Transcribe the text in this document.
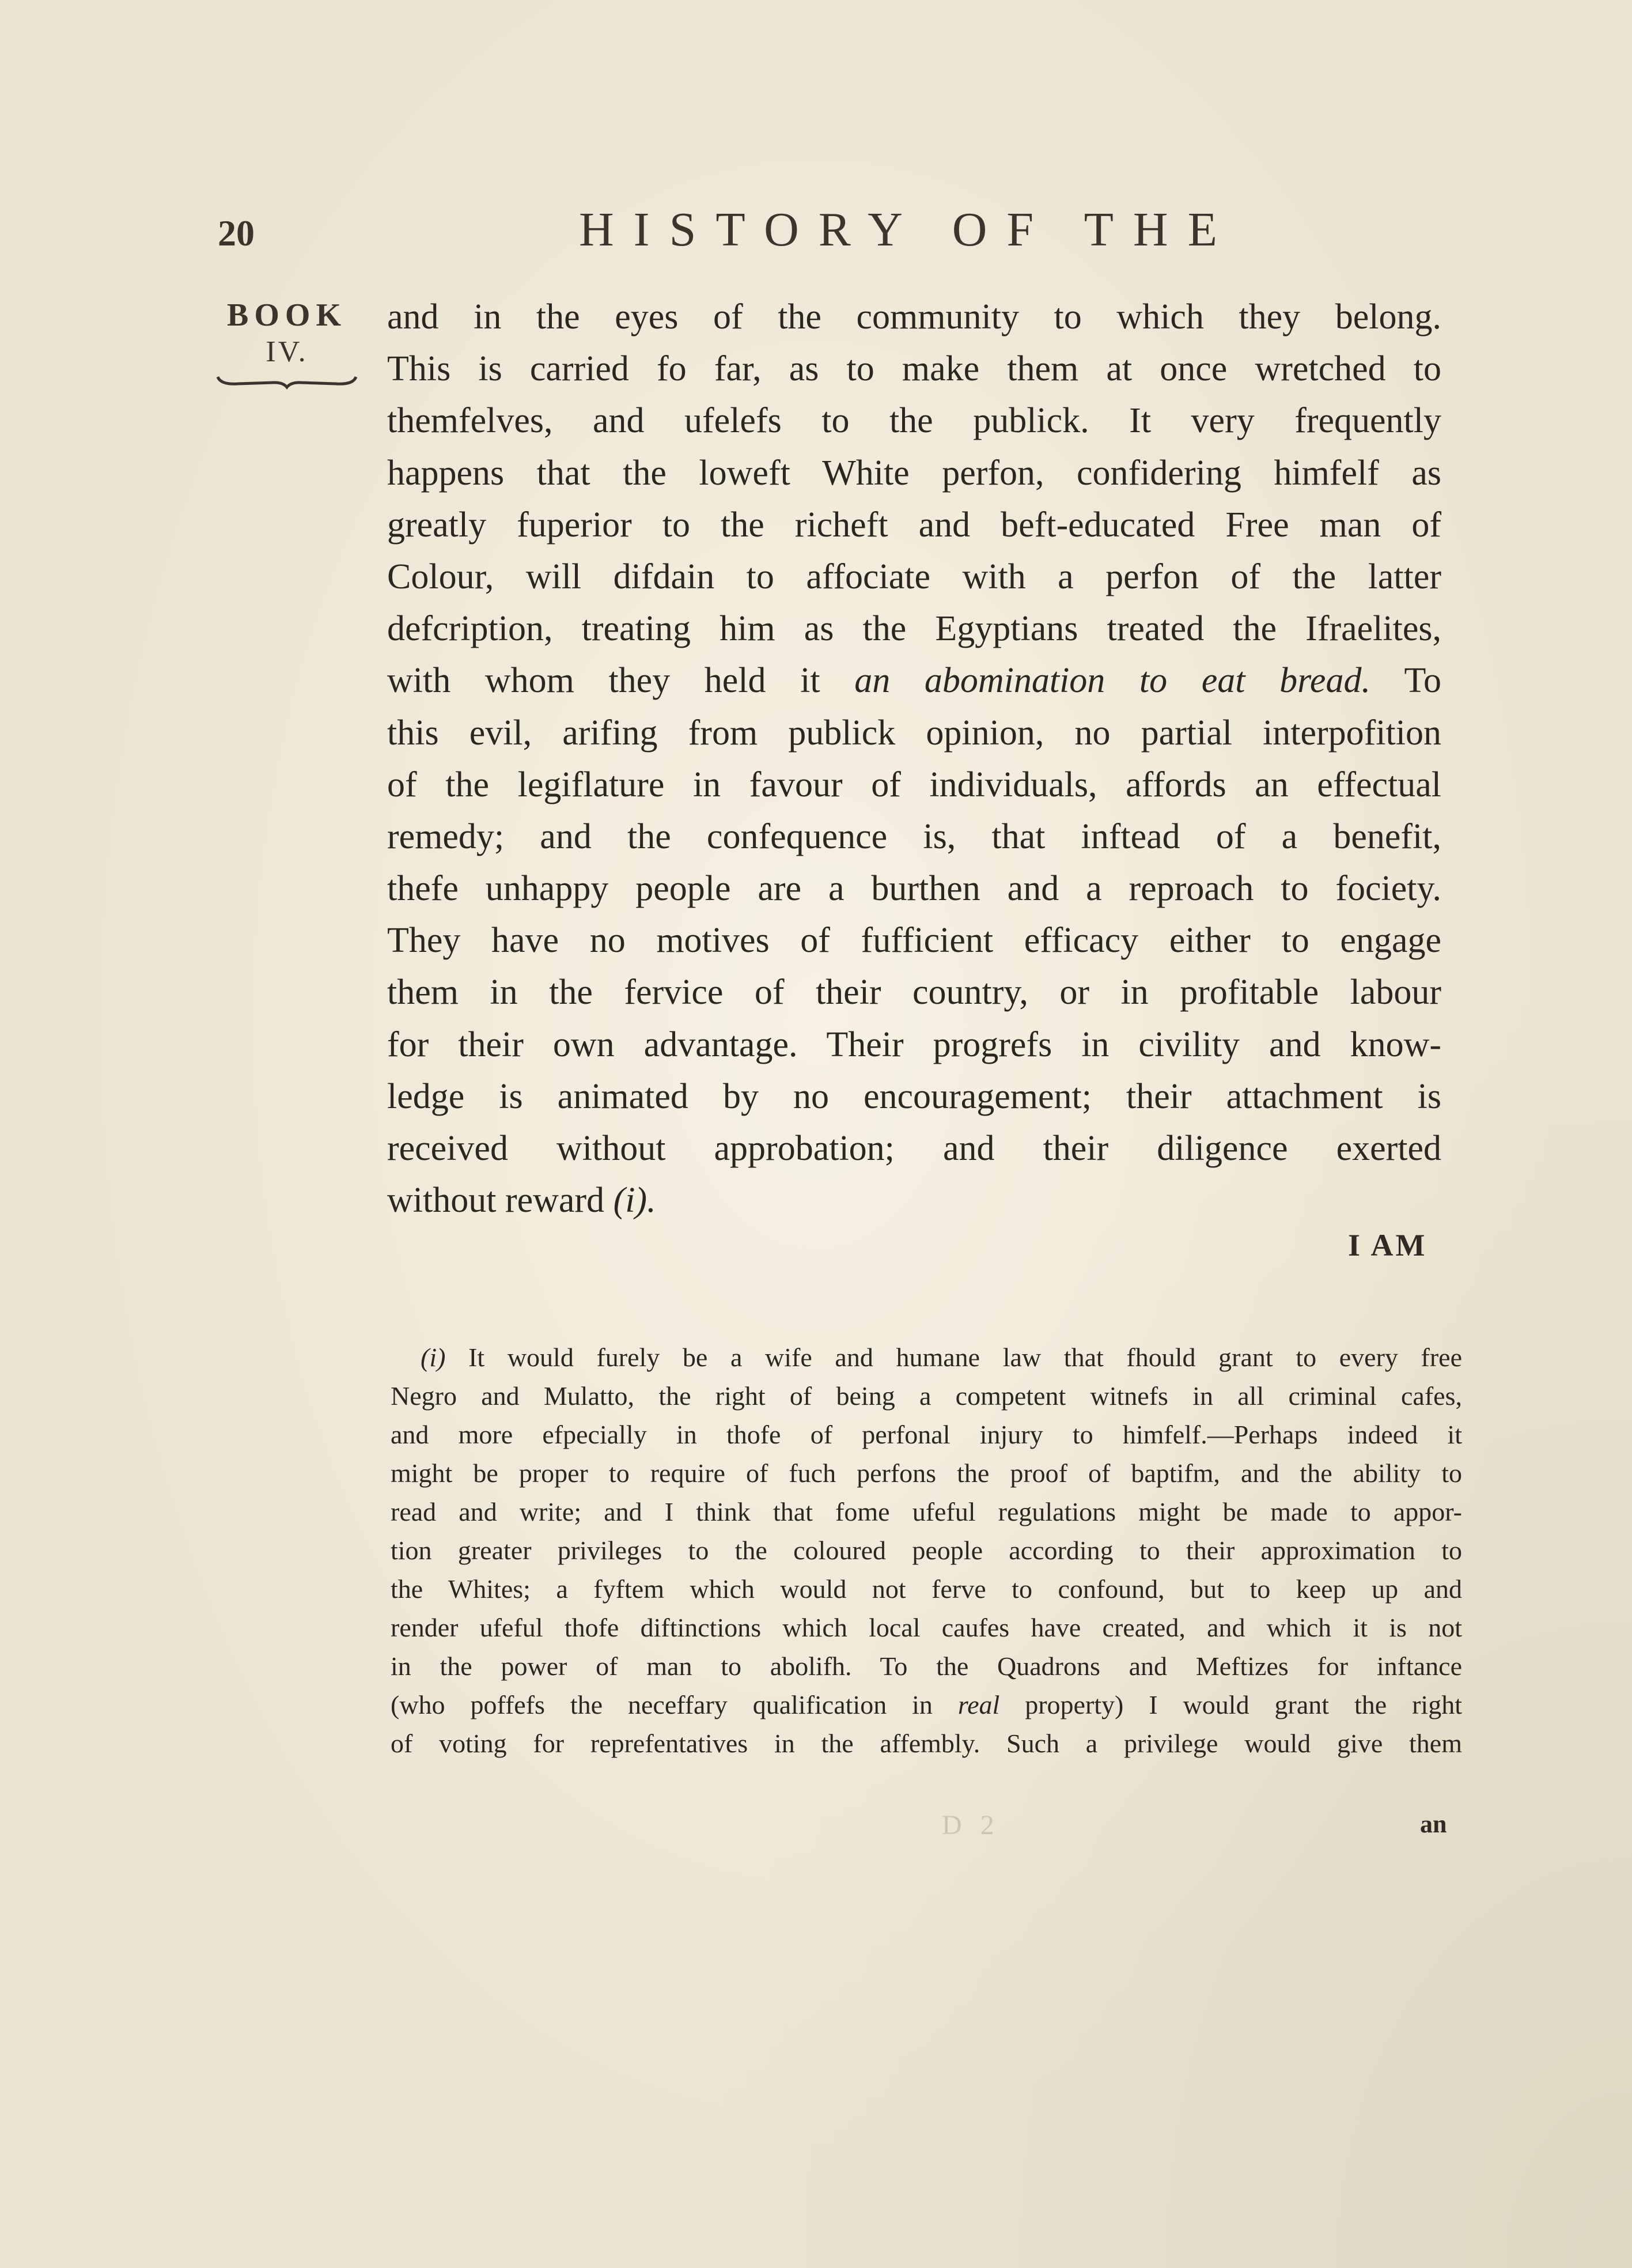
20	HISTORY OF THE
BOOK
IV.
and in the eyes of the community to which they belong.
This is carried fo far, as to make them at once wretched to
themfelves, and ufelefs to the publick. It very frequently
happens that the loweft White perfon, confidering himfelf as
greatly fuperior to the richeft and beft-educated Free man of
Colour, will difdain to affociate with a perfon of the latter
defcription, treating him as the Egyptians treated the Ifraelites,
with whom they held it an abomination to eat bread. To
this evil, arifing from publick opinion, no partial interpofition
of the legiflature in favour of individuals, affords an effectual
remedy; and the confequence is, that inftead of a benefit,
thefe unhappy people are a burthen and a reproach to fociety.
They have no motives of fufficient efficacy either to engage
them in the fervice of their country, or in profitable labour
for their own advantage. Their progrefs in civility and know-
ledge is animated by no encouragement; their attachment is
received without approbation; and their diligence exerted
without reward (i).
I AM
(i) It would furely be a wife and humane law that fhould grant to every free
Negro and Mulatto, the right of being a competent witnefs in all criminal cafes,
and more efpecially in thofe of perfonal injury to himfelf.—Perhaps indeed it
might be proper to require of fuch perfons the proof of baptifm, and the ability to
read and write; and I think that fome ufeful regulations might be made to appor-
tion greater privileges to the coloured people according to their approximation to
the Whites; a fyftem which would not ferve to confound, but to keep up and
render ufeful thofe diftinctions which local caufes have created, and which it is not
in the power of man to abolifh. To the Quadrons and Meftizes for inftance
(who poffefs the neceffary qualification in real property) I would grant the right
of voting for reprefentatives in the affembly. Such a privilege would give them
D 2	an
